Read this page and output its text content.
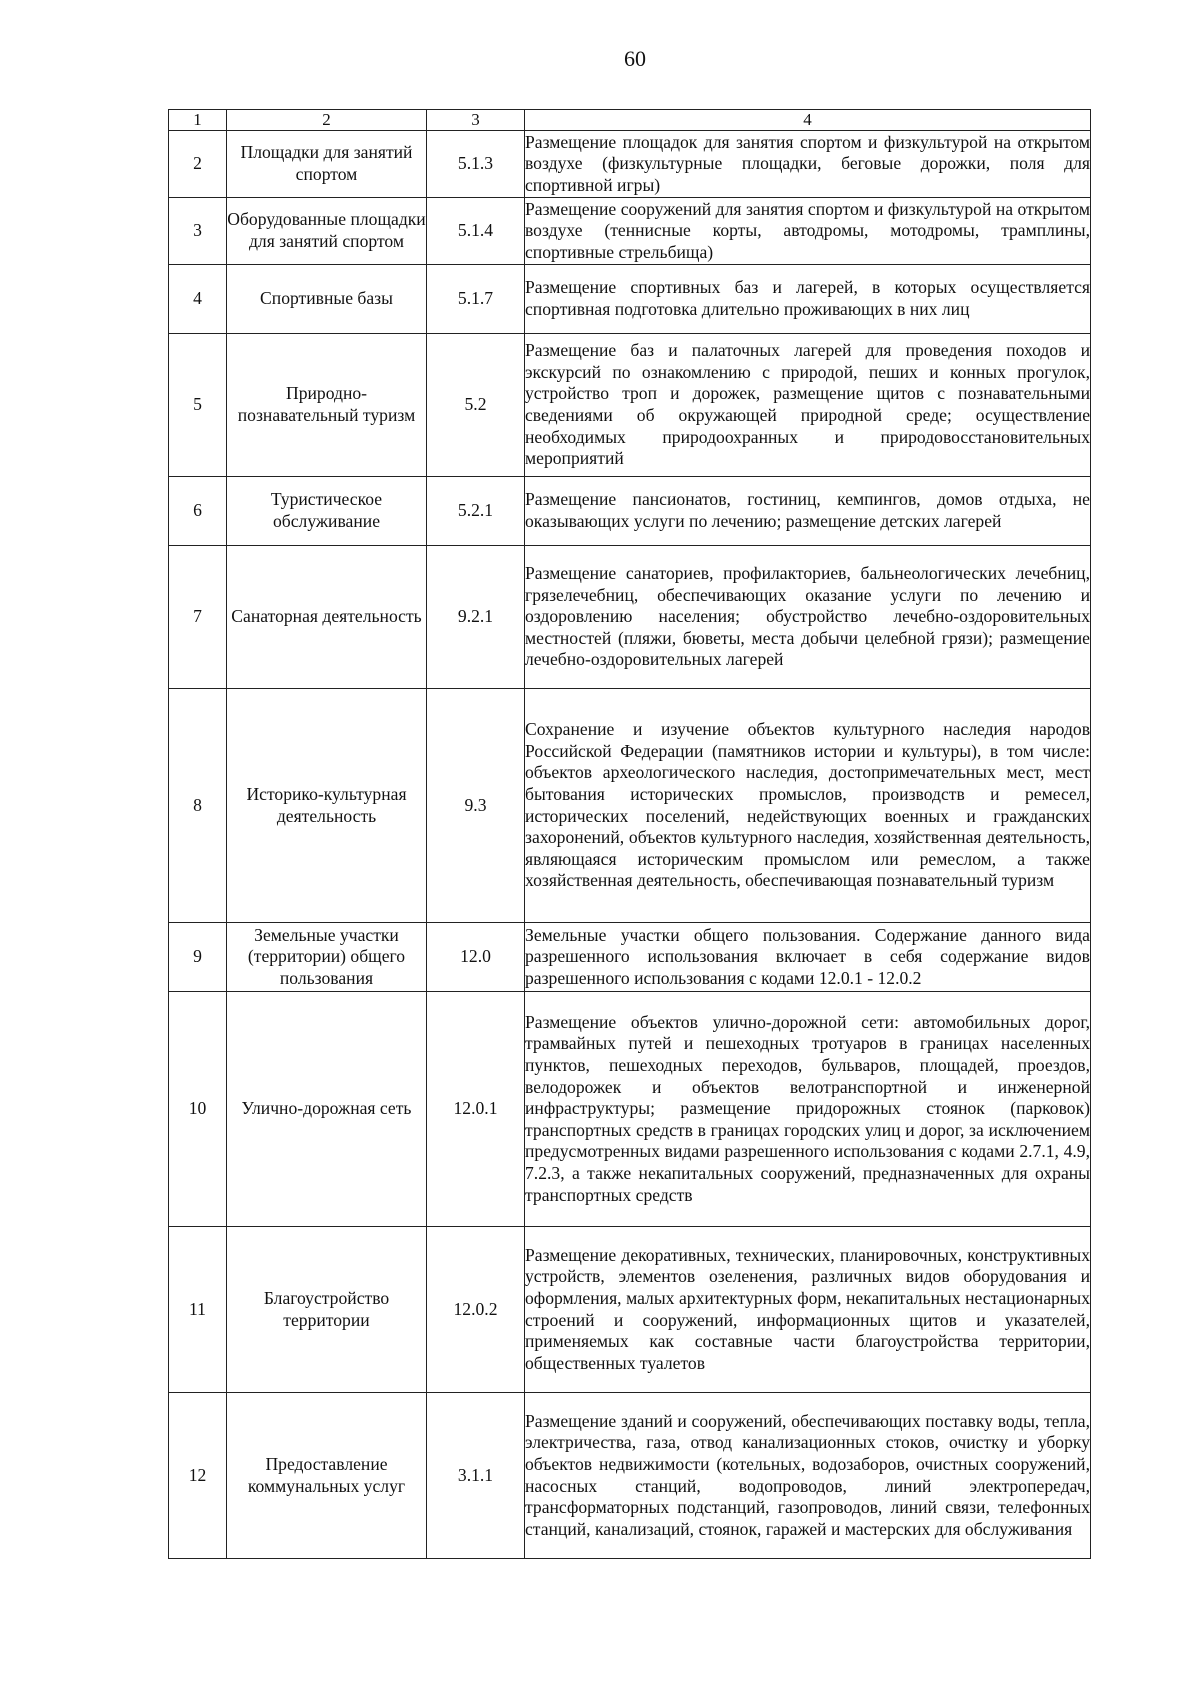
60
1	2	3	4
2	Площадки для занятий спортом	5.1.3	Размещение площадок для занятия спортом и физкультурой на открытом воздухе (физкультурные площадки, беговые дорожки, поля для спортивной игры)
3	Оборудованные площадки для занятий спортом	5.1.4	Размещение сооружений для занятия спортом и физкультурой на открытом воздухе (теннисные корты, автодромы, мотодромы, трамплины, спортивные стрельбища)
4	Спортивные базы	5.1.7	Размещение спортивных баз и лагерей, в которых осуществляется спортивная подготовка длительно проживающих в них лиц
5	Природно-познавательный туризм	5.2	Размещение баз и палаточных лагерей для проведения походов и экскурсий по ознакомлению с природой, пеших и конных прогулок, устройство троп и дорожек, размещение щитов с познавательными сведениями об окружающей природной среде; осуществление необходимых природоохранных и природовосстановительных мероприятий
6	Туристическое обслуживание	5.2.1	Размещение пансионатов, гостиниц, кемпингов, домов отдыха, не оказывающих услуги по лечению; размещение детских лагерей
7	Санаторная деятельность	9.2.1	Размещение санаториев, профилакториев, бальнеологических лечебниц, грязелечебниц, обеспечивающих оказание услуги по лечению и оздоровлению населения; обустройство лечебно-оздоровительных местностей (пляжи, бюветы, места добычи целебной грязи); размещение лечебно-оздоровительных лагерей
8	Историко-культурная деятельность	9.3	Сохранение и изучение объектов культурного наследия народов Российской Федерации (памятников истории и культуры), в том числе: объектов археологического наследия, достопримечательных мест, мест бытования исторических промыслов, производств и ремесел, исторических поселений, недействующих военных и гражданских захоронений, объектов культурного наследия, хозяйственная деятельность, являющаяся историческим промыслом или ремеслом, а также хозяйственная деятельность, обеспечивающая познавательный туризм
9	Земельные участки (территории) общего пользования	12.0	Земельные участки общего пользования. Содержание данного вида разрешенного использования включает в себя содержание видов разрешенного использования с кодами 12.0.1 - 12.0.2
10	Улично-дорожная сеть	12.0.1	Размещение объектов улично-дорожной сети: автомобильных дорог, трамвайных путей и пешеходных тротуаров в границах населенных пунктов, пешеходных переходов, бульваров, площадей, проездов, велодорожек и объектов велотранспортной и инженерной инфраструктуры; размещение придорожных стоянок (парковок) транспортных средств в границах городских улиц и дорог, за исключением предусмотренных видами разрешенного использования с кодами 2.7.1, 4.9, 7.2.3, а также некапитальных сооружений, предназначенных для охраны транспортных средств
11	Благоустройство территории	12.0.2	Размещение декоративных, технических, планировочных, конструктивных устройств, элементов озеленения, различных видов оборудования и оформления, малых архитектурных форм, некапитальных нестационарных строений и сооружений, информационных щитов и указателей, применяемых как составные части благоустройства территории, общественных туалетов
12	Предоставление коммунальных услуг	3.1.1	Размещение зданий и сооружений, обеспечивающих поставку воды, тепла, электричества, газа, отвод канализационных стоков, очистку и уборку объектов недвижимости (котельных, водозаборов, очистных сооружений, насосных станций, водопроводов, линий электропередач, трансформаторных подстанций, газопроводов, линий связи, телефонных станций, канализаций, стоянок, гаражей и мастерских для обслуживания
